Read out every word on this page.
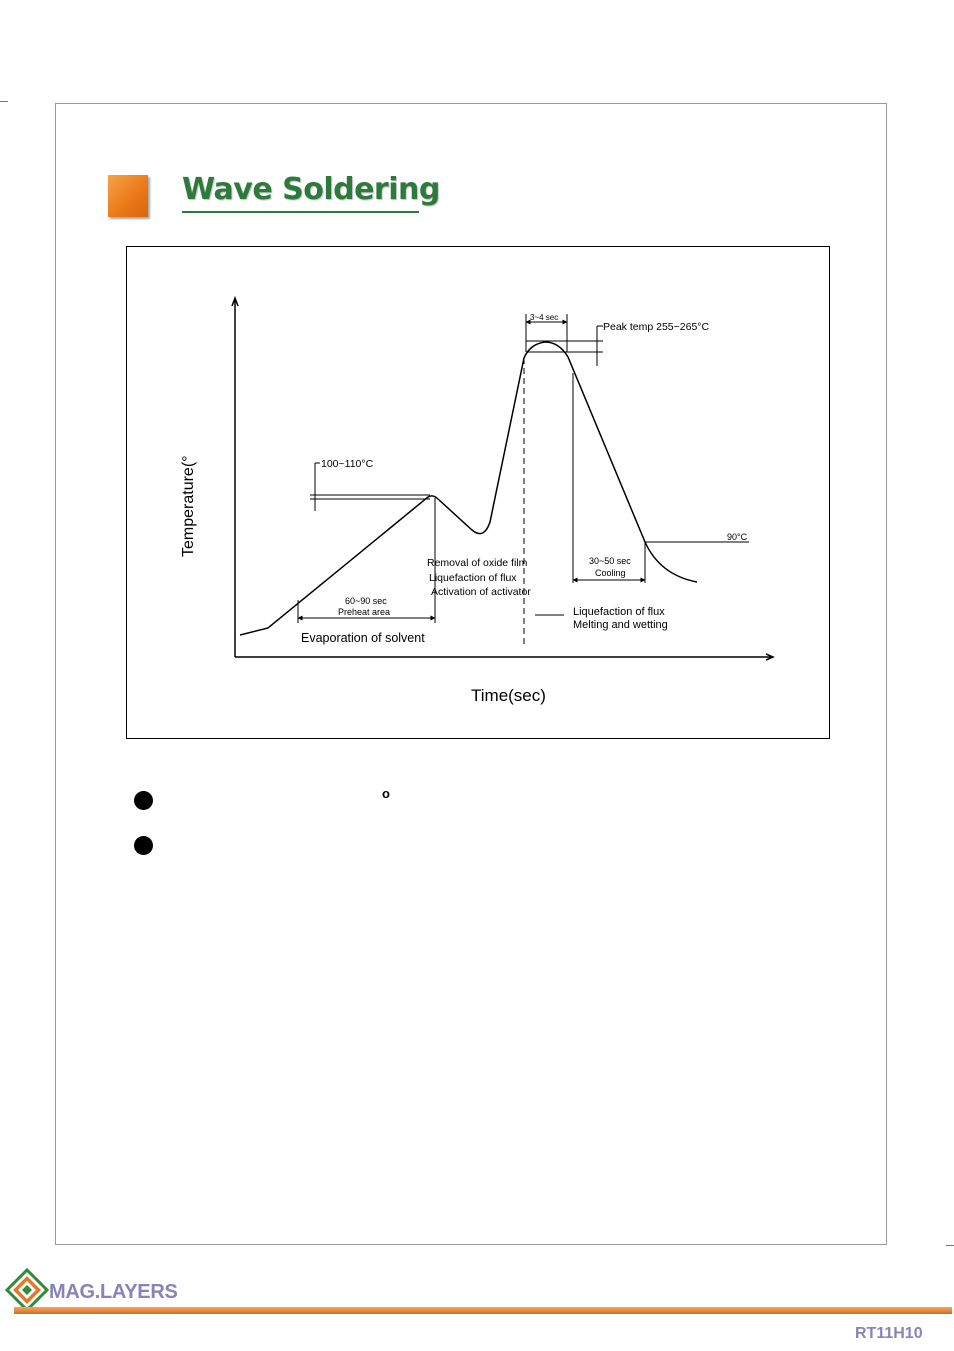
Wave Soldering
Temperature(°
Time(sec)
3~4 sec
Peak temp 255~265°C
100~110°C
90°C
30~50 sec
Cooling
60~90 sec
Preheat area
Evaporation of solvent
Removal of oxide film
Liquefaction of flux
Activation of activator
Liquefaction of flux
Melting and wetting
o
MAG.LAYERS
RT11H10
